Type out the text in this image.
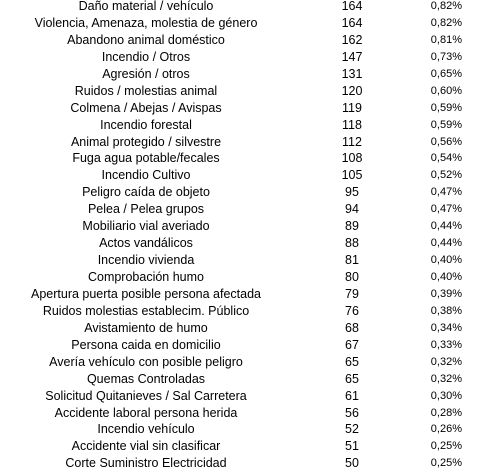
Daño material / vehículo	164	0,82%
Violencia, Amenaza, molestia de género	164	0,82%
Abandono animal doméstico	162	0,81%
Incendio / Otros	147	0,73%
Agresión / otros	131	0,65%
Ruidos / molestias animal	120	0,60%
Colmena / Abejas / Avispas	119	0,59%
Incendio forestal	118	0,59%
Animal protegido / silvestre	112	0,56%
Fuga agua potable/fecales	108	0,54%
Incendio Cultivo	105	0,52%
Peligro caída de objeto	95	0,47%
Pelea / Pelea grupos	94	0,47%
Mobiliario vial averiado	89	0,44%
Actos vandálicos	88	0,44%
Incendio vivienda	81	0,40%
Comprobación humo	80	0,40%
Apertura puerta posible persona afectada	79	0,39%
Ruidos molestias establecim. Público	76	0,38%
Avistamiento de humo	68	0,34%
Persona caida en domicilio	67	0,33%
Avería vehículo con posible peligro	65	0,32%
Quemas Controladas	65	0,32%
Solicitud Quitanieves / Sal Carretera	61	0,30%
Accidente laboral persona herida	56	0,28%
Incendio vehículo	52	0,26%
Accidente vial sin clasificar	51	0,25%
Corte Suministro Electricidad	50	0,25%
